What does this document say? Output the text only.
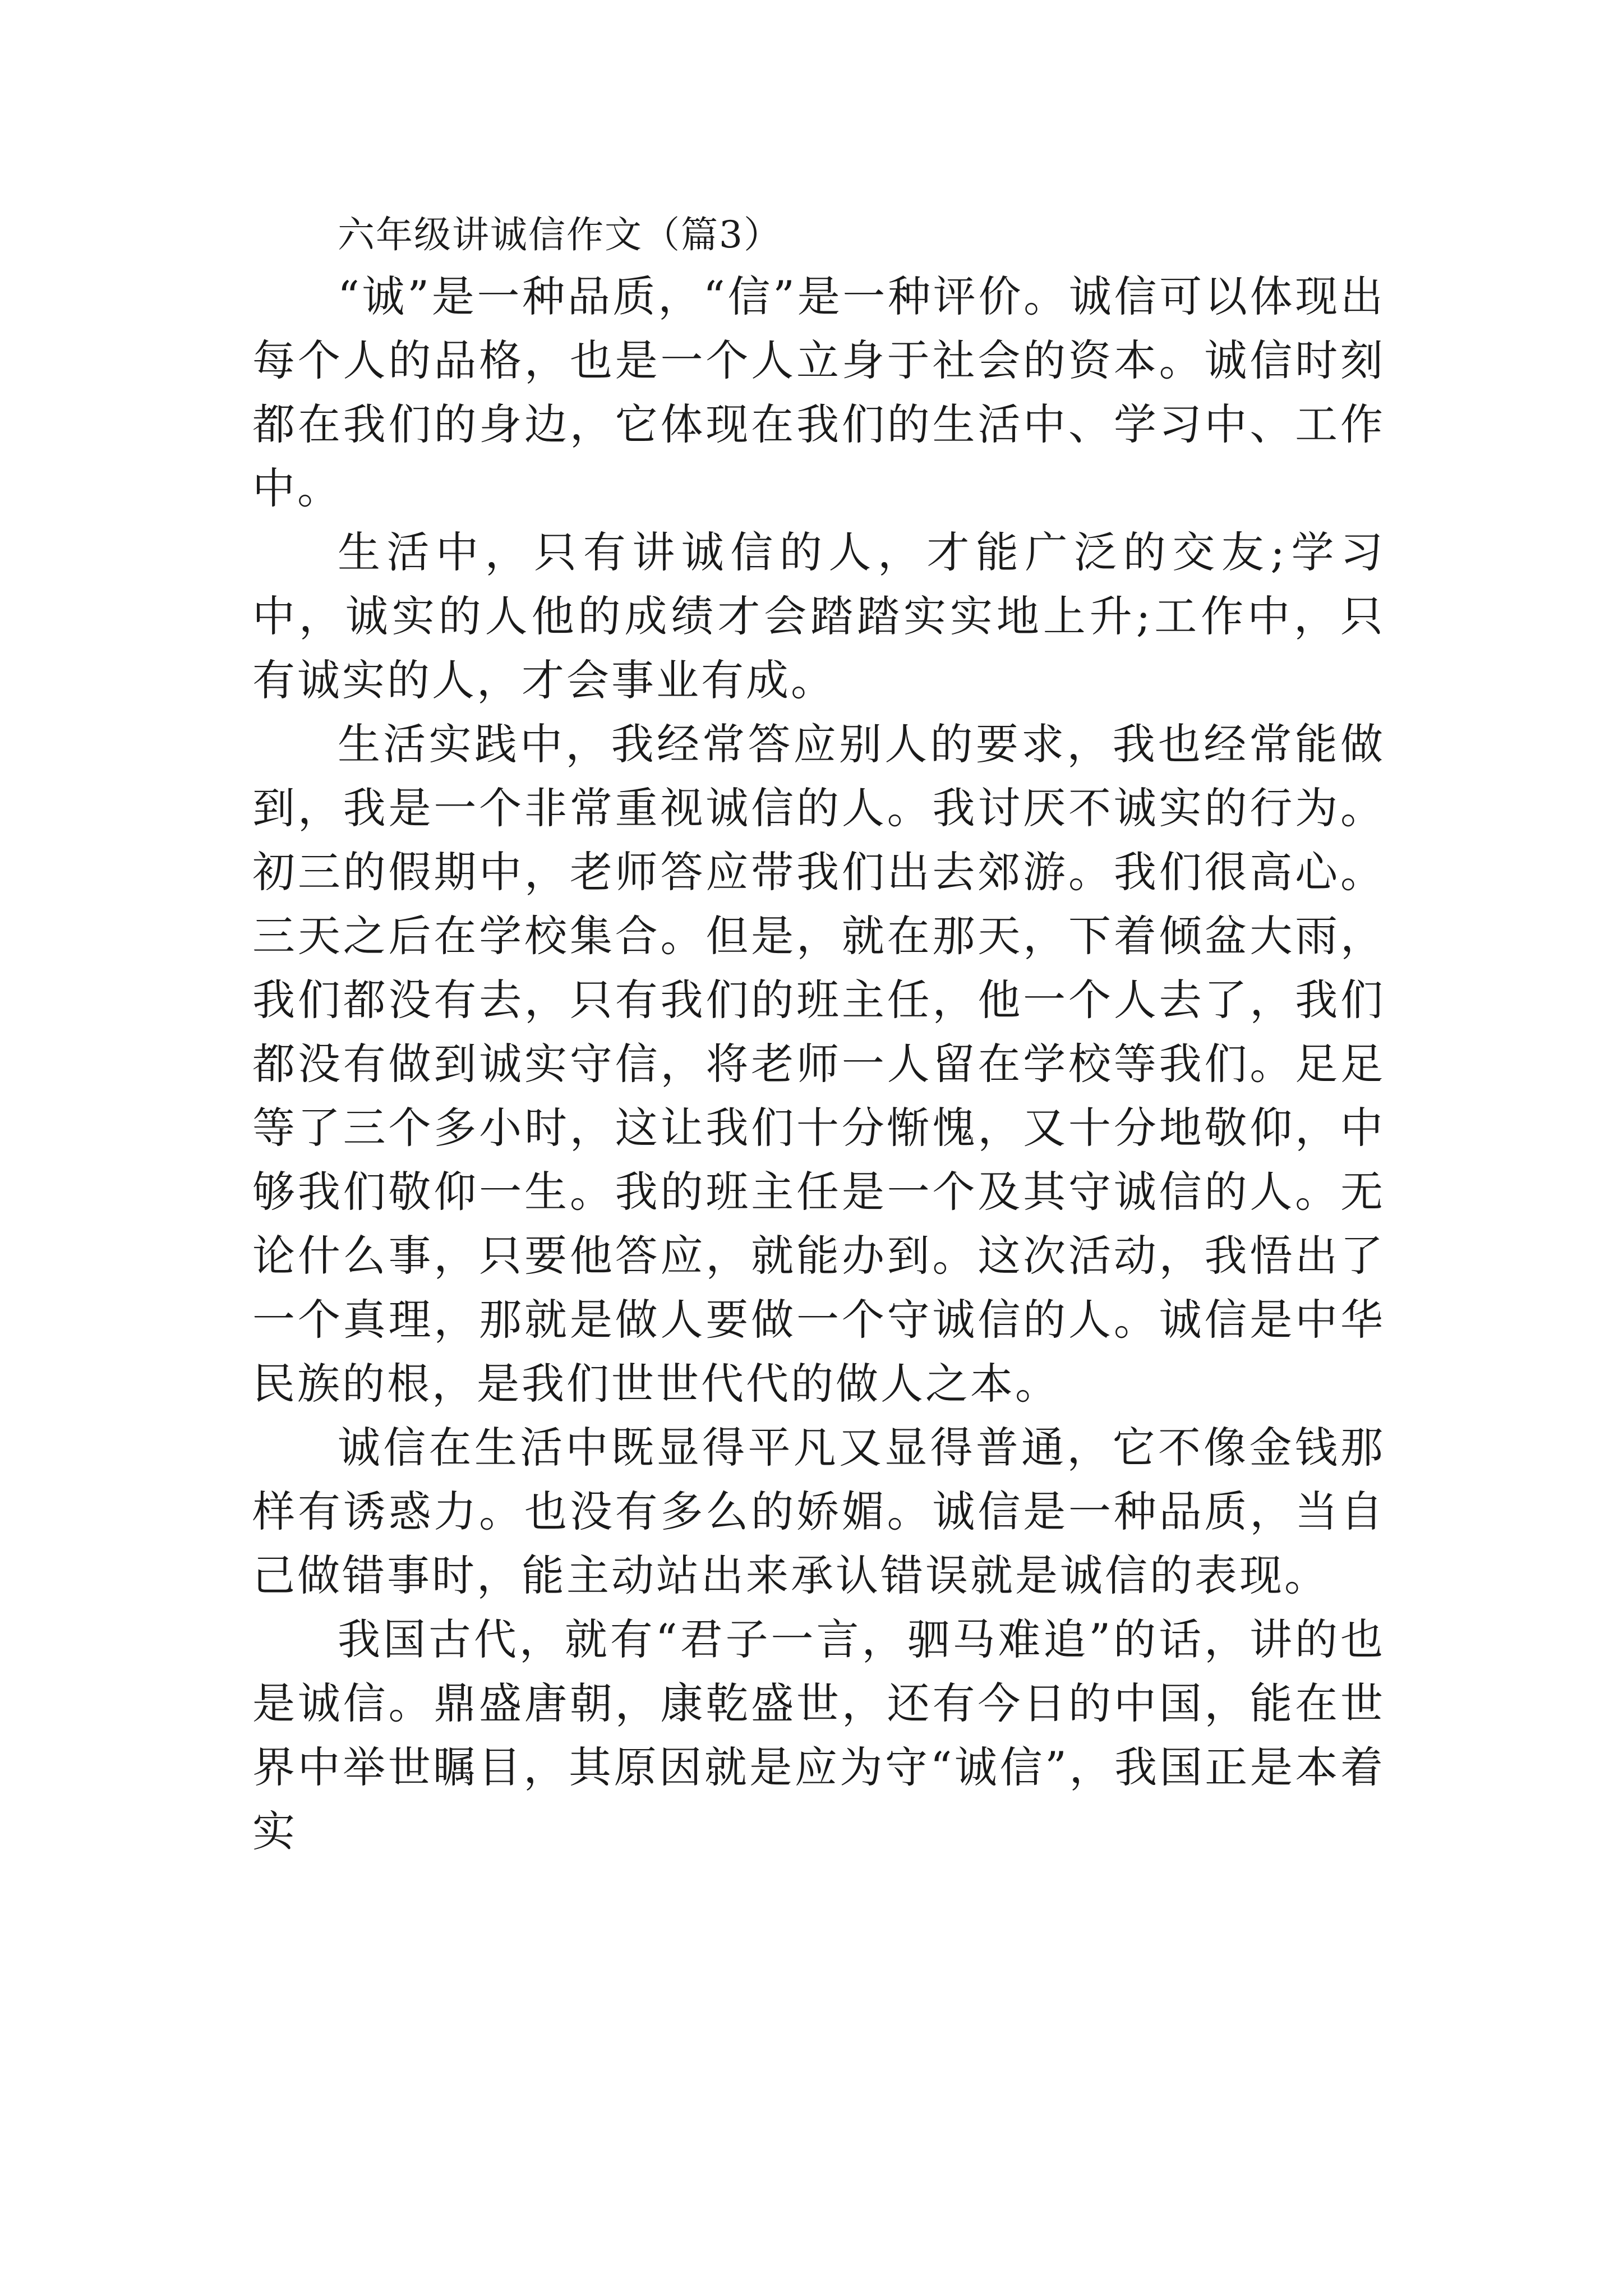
六年级讲诚信作文（篇3）

“诚”是一种品质，“信”是一种评价。诚信可以体现出每个人的品格，也是一个人立身于社会的资本。诚信时刻都在我们的身边，它体现在我们的生活中、学习中、工作中。

生活中，只有讲诚信的人，才能广泛的交友;学习中，诚实的人他的成绩才会踏踏实实地上升;工作中，只有诚实的人，才会事业有成。

生活实践中，我经常答应别人的要求，我也经常能做到，我是一个非常重视诚信的人。我讨厌不诚实的行为。初三的假期中，老师答应带我们出去郊游。我们很高心。三天之后在学校集合。但是，就在那天，下着倾盆大雨，我们都没有去，只有我们的班主任，他一个人去了，我们都没有做到诚实守信，将老师一人留在学校等我们。足足等了三个多小时，这让我们十分惭愧，又十分地敬仰，中够我们敬仰一生。我的班主任是一个及其守诚信的人。无论什么事，只要他答应，就能办到。这次活动，我悟出了一个真理，那就是做人要做一个守诚信的人。诚信是中华民族的根，是我们世世代代的做人之本。

诚信在生活中既显得平凡又显得普通，它不像金钱那样有诱惑力。也没有多么的娇媚。诚信是一种品质，当自己做错事时，能主动站出来承认错误就是诚信的表现。

我国古代，就有“君子一言，驷马难追”的话，讲的也是诚信。鼎盛唐朝，康乾盛世，还有今日的中国，能在世界中举世瞩目，其原因就是应为守“诚信”，我国正是本着实
